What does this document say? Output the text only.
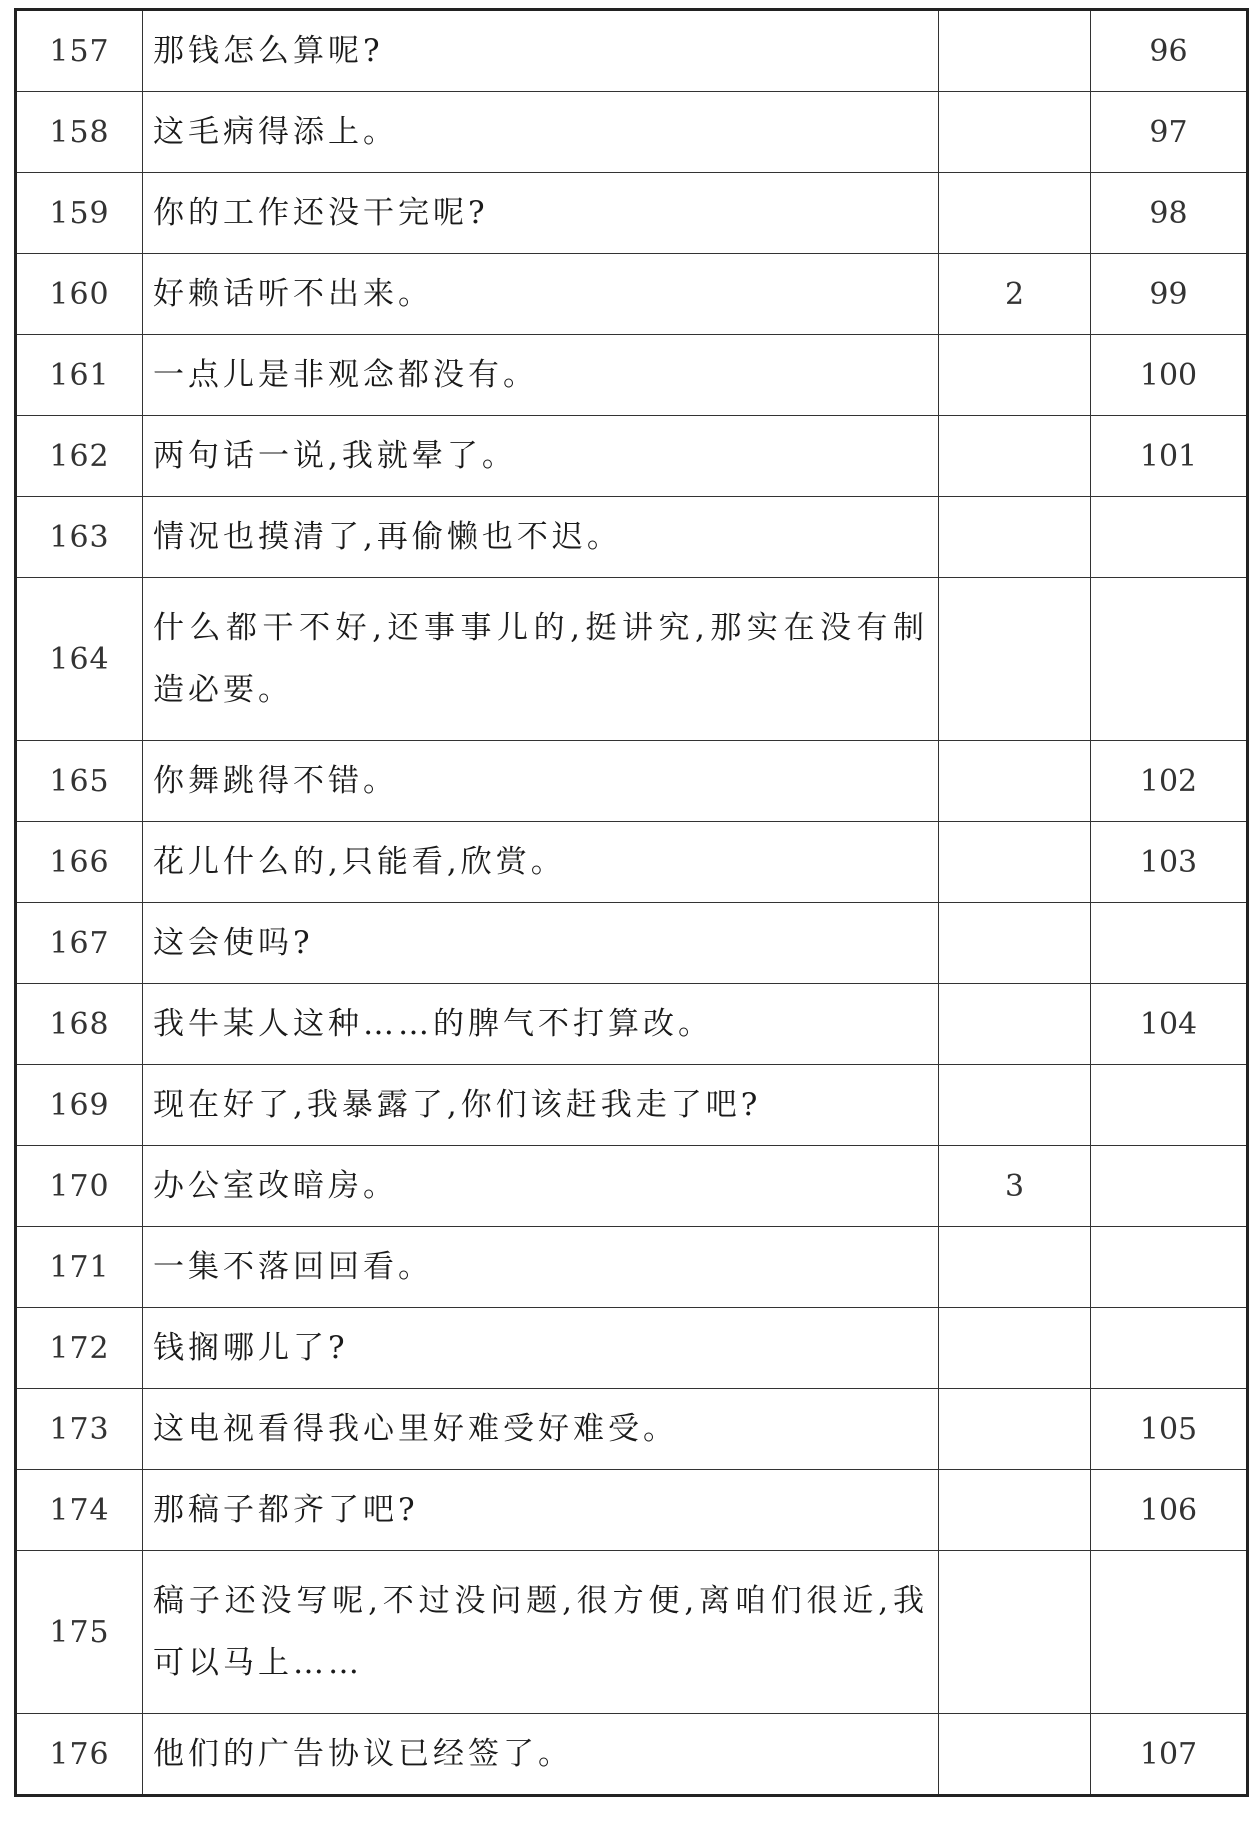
157	那钱怎么算呢?		96
158	这毛病得添上。		97
159	你的工作还没干完呢?		98
160	好赖话听不出来。	2	99
161	一点儿是非观念都没有。		100
162	两句话一说,我就晕了。		101
163	情况也摸清了,再偷懒也不迟。		
164	什么都干不好,还事事儿的,挺讲究,那实在没有制造必要。		
165	你舞跳得不错。		102
166	花儿什么的,只能看,欣赏。		103
167	这会使吗?		
168	我牛某人这种……的脾气不打算改。		104
169	现在好了,我暴露了,你们该赶我走了吧?		
170	办公室改暗房。	3	
171	一集不落回回看。		
172	钱搁哪儿了?		
173	这电视看得我心里好难受好难受。		105
174	那稿子都齐了吧?		106
175	稿子还没写呢,不过没问题,很方便,离咱们很近,我可以马上……		
176	他们的广告协议已经签了。		107
